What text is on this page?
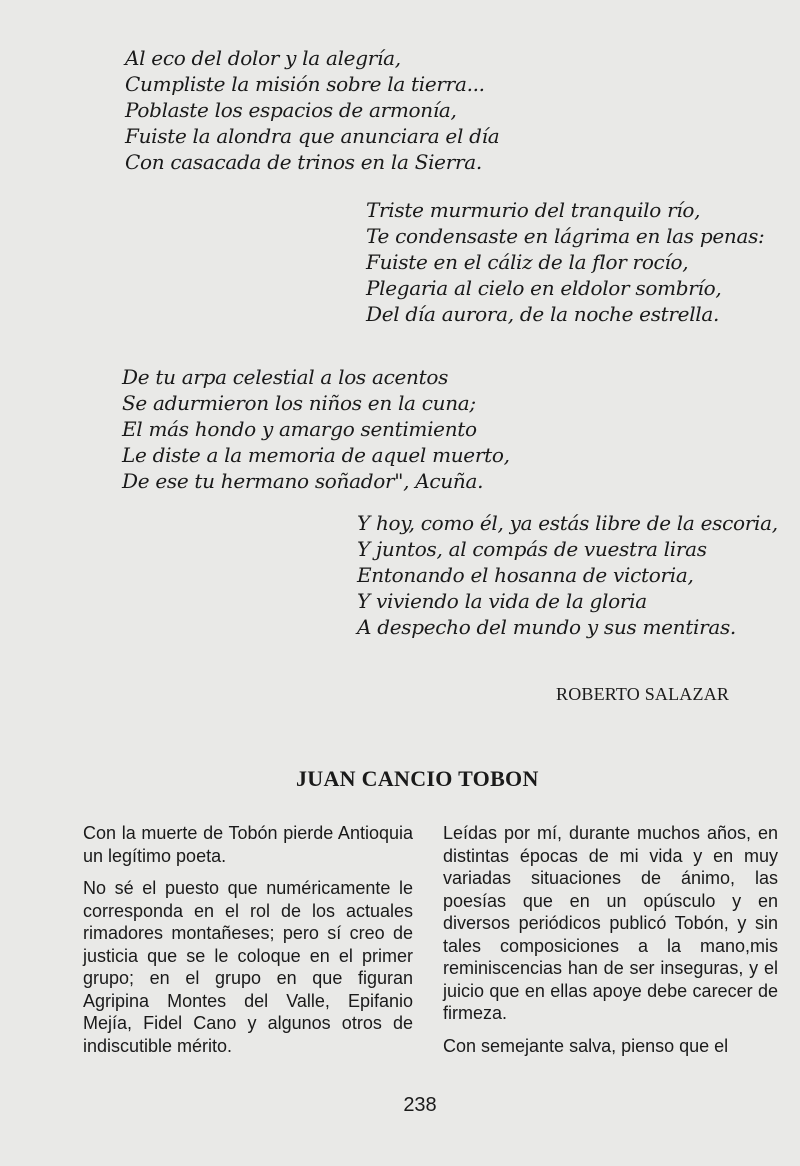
Al eco del dolor y la alegría,
Cumpliste la misión sobre la tierra...
Poblaste los espacios de armonía,
Fuiste la alondra que anunciara el día
Con casacada de trinos en la Sierra.
Triste murmurio del tranquilo río,
Te condensaste en lágrima en las penas:
Fuiste en el cáliz de la flor rocío,
Plegaria al cielo en eldolor sombrío,
Del día aurora, de la noche estrella.
De tu arpa celestial a los acentos
Se adurmieron los niños en la cuna;
El más hondo y amargo sentimiento
Le diste a la memoria de aquel muerto,
De ese tu hermano soñador", Acuña.
Y hoy, como él, ya estás libre de la escoria,
Y juntos, al compás de vuestra liras
Entonando el hosanna de victoria,
Y viviendo la vida de la gloria
A despecho del mundo y sus mentiras.
ROBERTO SALAZAR
JUAN CANCIO TOBON

Con la muerte de Tobón pierde Antioquia un legítimo poeta.

No sé el puesto que numéricamente le corresponda en el rol de los actuales rimadores montañeses; pero sí creo de justicia que se le coloque en el primer grupo; en el grupo en que figuran Agripina Montes del Valle, Epifanio Mejía, Fidel Cano y algunos otros de indiscutible mérito.

Leídas por mí, durante muchos años, en distintas épocas de mi vida y en muy variadas situaciones de ánimo, las poesías que en un opúsculo y en diversos periódicos publicó Tobón, y sin tales composiciones a la mano,mis reminiscencias han de ser inseguras, y el juicio que en ellas apoye debe carecer de firmeza.

Con semejante salva, pienso que el

238
